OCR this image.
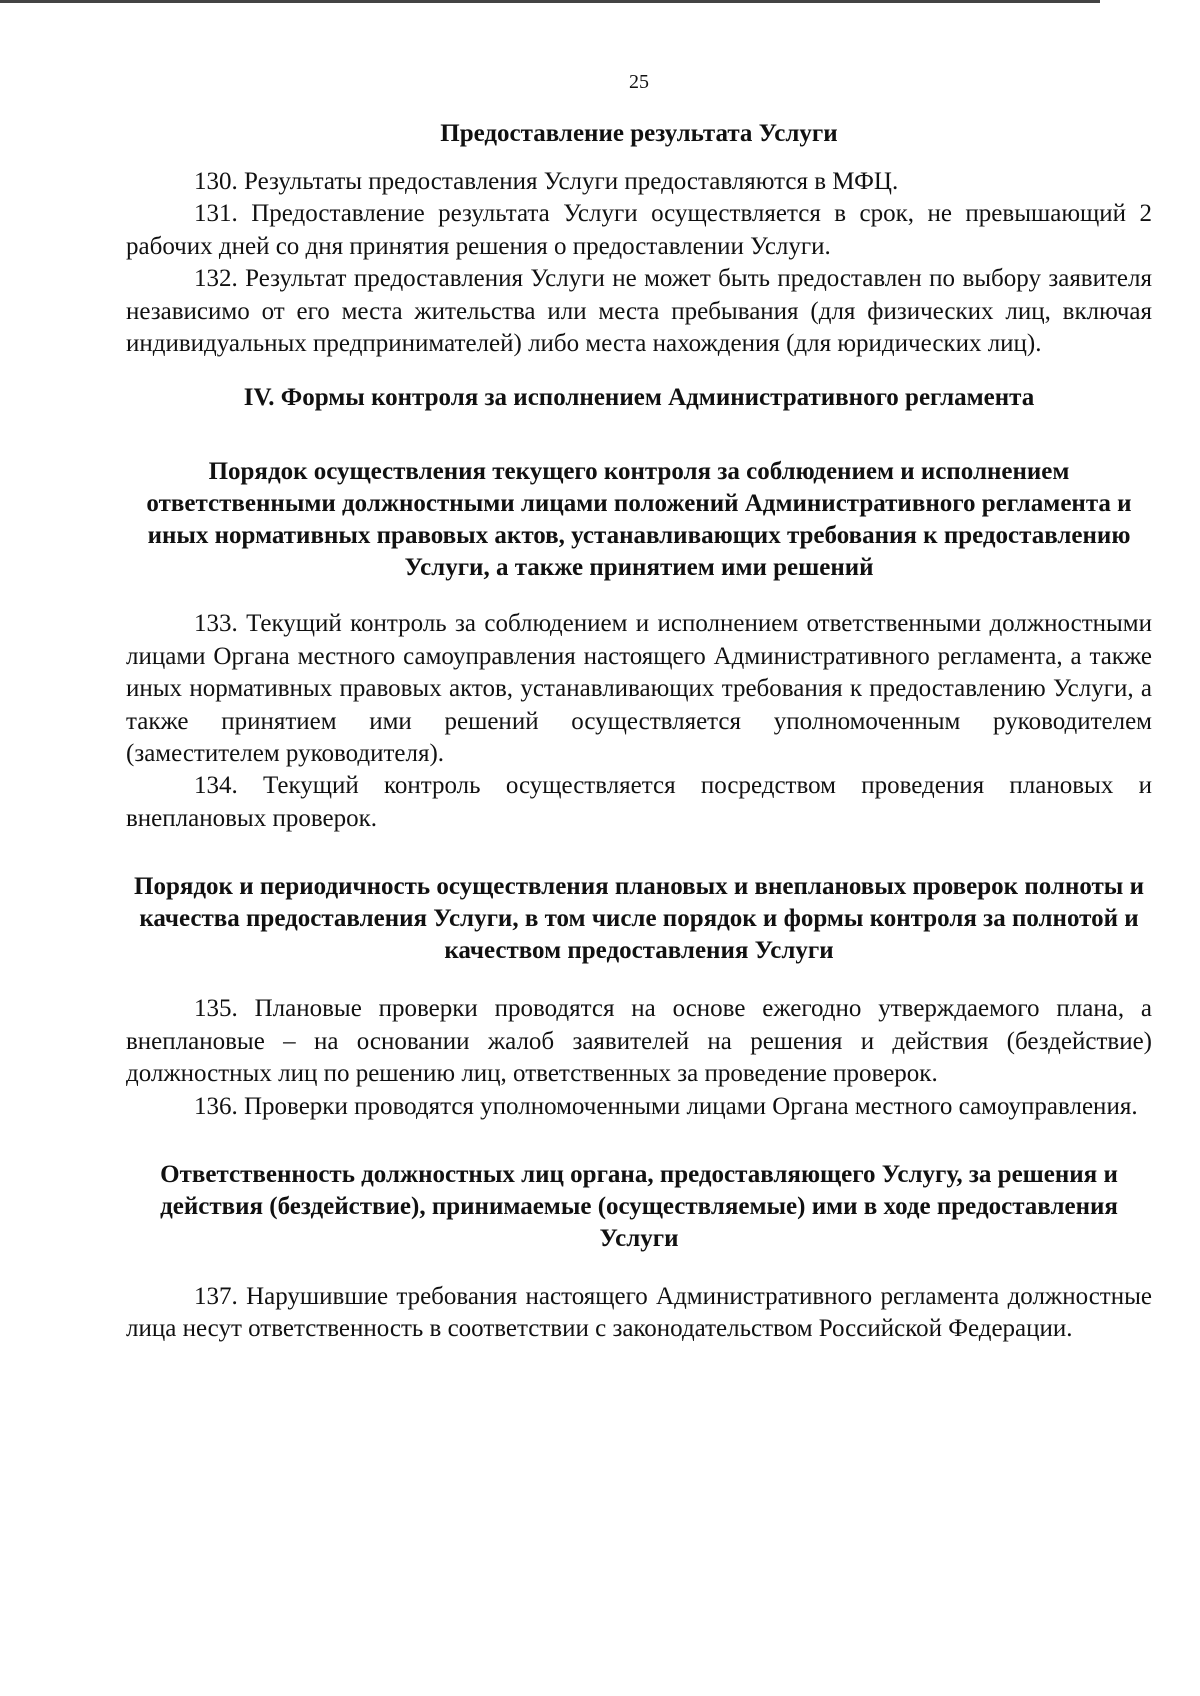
25
Предоставление результата Услуги

130. Результаты предоставления Услуги предоставляются в МФЦ.

131. Предоставление результата Услуги осуществляется в срок, не превышающий 2 рабочих дней со дня принятия решения о предоставлении Услуги.

132. Результат предоставления Услуги не может быть предоставлен по выбору заявителя независимо от его места жительства или места пребывания (для физических лиц, включая индивидуальных предпринимателей) либо места нахождения (для юридических лиц).

IV. Формы контроля за исполнением Административного регламента
Порядок осуществления текущего контроля за соблюдением и исполнением ответственными должностными лицами положений Административного регламента и иных нормативных правовых актов, устанавливающих требования к предоставлению Услуги, а также принятием ими решений

133. Текущий контроль за соблюдением и исполнением ответственными должностными лицами Органа местного самоуправления настоящего Административного регламента, а также иных нормативных правовых актов, устанавливающих требования к предоставлению Услуги, а также принятием ими решений осуществляется уполномоченным руководителем (заместителем руководителя).

134. Текущий контроль осуществляется посредством проведения плановых и внеплановых проверок.

Порядок и периодичность осуществления плановых и внеплановых проверок полноты и качества предоставления Услуги, в том числе порядок и формы контроля за полнотой и качеством предоставления Услуги

135. Плановые проверки проводятся на основе ежегодно утверждаемого плана, а внеплановые – на основании жалоб заявителей на решения и действия (бездействие) должностных лиц по решению лиц, ответственных за проведение проверок.

136. Проверки проводятся уполномоченными лицами Органа местного самоуправления.

Ответственность должностных лиц органа, предоставляющего Услугу, за решения и действия (бездействие), принимаемые (осуществляемые) ими в ходе предоставления Услуги

137. Нарушившие требования настоящего Административного регламента должностные лица несут ответственность в соответствии с законодательством Российской Федерации.
